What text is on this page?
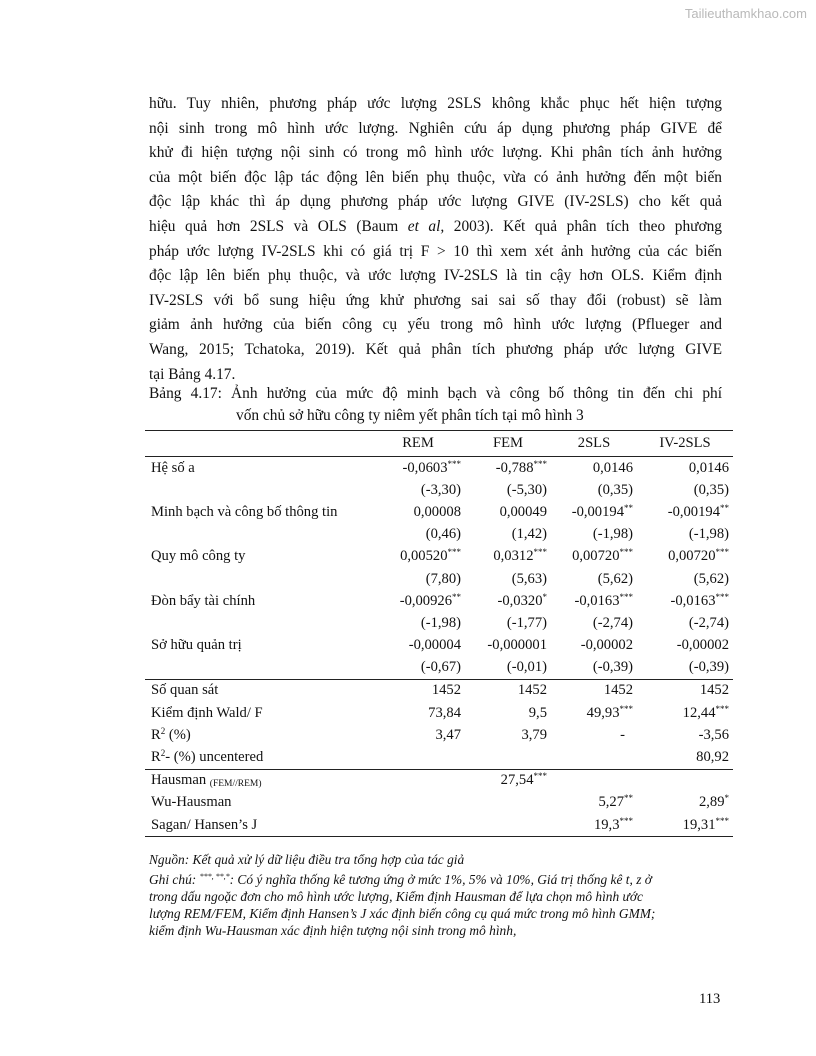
Tailieuthamkhao.com
hữu. Tuy nhiên, phương pháp ước lượng 2SLS không khắc phục hết hiện tượng
nội sinh trong mô hình ước lượng. Nghiên cứu áp dụng phương pháp GIVE để
khử đi hiện tượng nội sinh có trong mô hình ước lượng. Khi phân tích ảnh hưởng
của một biến độc lập tác động lên biến phụ thuộc, vừa có ảnh hưởng đến một biến
độc lập khác thì áp dụng phương pháp ước lượng GIVE (IV-2SLS) cho kết quả
hiệu quả hơn 2SLS và OLS (Baum et al, 2003). Kết quả phân tích theo phương
pháp ước lượng IV-2SLS khi có giá trị F > 10 thì xem xét ảnh hưởng của các biến
độc lập lên biến phụ thuộc, và ước lượng IV-2SLS là tin cậy hơn OLS. Kiểm định
IV-2SLS với bổ sung hiệu ứng khử phương sai sai số thay đổi (robust) sẽ làm
giảm ảnh hưởng của biến công cụ yếu trong mô hình ước lượng (Pflueger and
Wang, 2015; Tchatoka, 2019). Kết quả phân tích phương pháp ước lượng GIVE
tại Bảng 4.17.
Bảng 4.17: Ảnh hưởng của mức độ minh bạch và công bố thông tin đến chi phí
vốn chủ sở hữu công ty niêm yết phân tích tại mô hình 3
	REM	FEM	2SLS	IV-2SLS
Hệ số a	-0,0603***	-0,788***	0,0146	0,0146
	(-3,30)	(-5,30)	(0,35)	(0,35)
Minh bạch và công bố thông tin	0,00008	0,00049	-0,00194**	-0,00194**
	(0,46)	(1,42)	(-1,98)	(-1,98)
Quy mô công ty	0,00520***	0,0312***	0,00720***	0,00720***
	(7,80)	(5,63)	(5,62)	(5,62)
Đòn bẩy tài chính	-0,00926**	-0,0320*	-0,0163***	-0,0163***
	(-1,98)	(-1,77)	(-2,74)	(-2,74)
Sở hữu quản trị	-0,00004	-0,000001	-0,00002	-0,00002
	(-0,67)	(-0,01)	(-0,39)	(-0,39)
Số quan sát	1452	1452	1452	1452
Kiểm định Wald/ F	73,84	9,5	49,93***	12,44***
$R^2$ (%)	3,47	3,79	-	-3,56
$R^2-$ (%) uncentered				80,92
Hausman $_{(FEM//REM)}$		27,54***		
Wu-Hausman			5,27**	2,89*
Sagan/ Hansen’s J			19,3***	19,31***
Nguồn: Kết quả xử lý dữ liệu điều tra tổng hợp của tác giả
Ghi chú: ***, **,*: Có ý nghĩa thống kê tương ứng ở mức 1%, 5% và 10%, Giá trị thống kê t, z ở
trong dấu ngoặc đơn cho mô hình ước lượng, Kiểm định Hausman để lựa chọn mô hình ước
lượng REM/FEM, Kiểm định Hansen’s J xác định biến công cụ quá mức trong mô hình GMM;
kiểm định Wu-Hausman xác định hiện tượng nội sinh trong mô hình,
113
